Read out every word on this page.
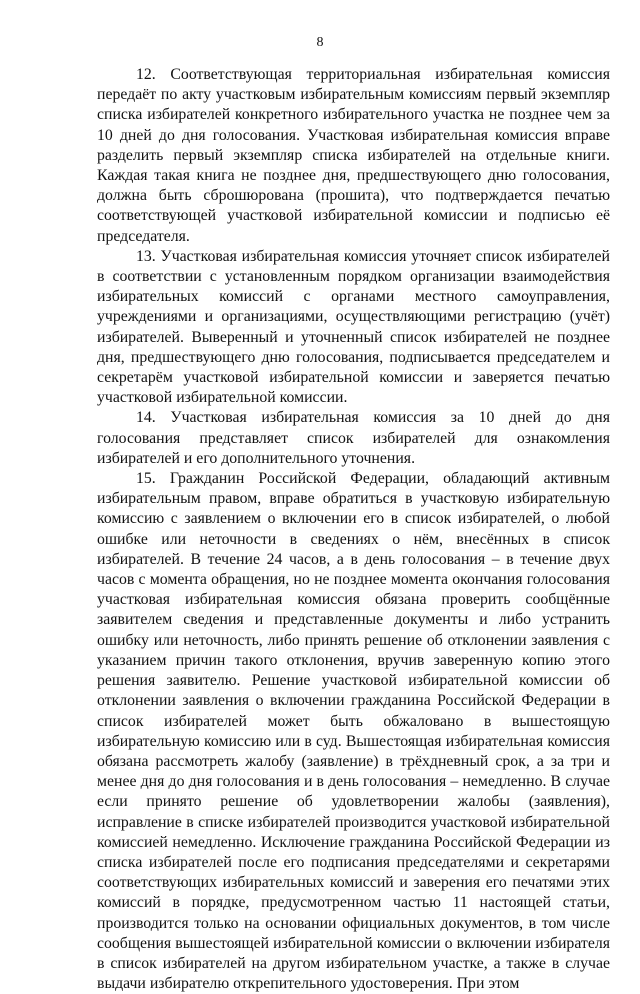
8

12. Соответствующая территориальная избирательная комиссия передаёт по акту участковым избирательным комиссиям первый экземпляр списка избирателей конкретного избирательного участка не позднее чем за 10 дней до дня голосования. Участковая избирательная комиссия вправе разделить первый экземпляр списка избирателей на отдельные книги. Каждая такая книга не позднее дня, предшествующего дню голосования, должна быть сброшюрована (прошита), что подтверждается печатью соответствующей участковой избирательной комиссии и подписью её председателя.

13. Участковая избирательная комиссия уточняет список избирателей в соответствии с установленным порядком организации взаимодействия избирательных комиссий с органами местного самоуправления, учреждениями и организациями, осуществляющими регистрацию (учёт) избирателей. Выверенный и уточненный список избирателей не позднее дня, предшествующего дню голосования, подписывается председателем и секретарём участковой избирательной комиссии и заверяется печатью участковой избирательной комиссии.

14. Участковая избирательная комиссия за 10 дней до дня голосования представляет список избирателей для ознакомления избирателей и его дополнительного уточнения.

15. Гражданин Российской Федерации, обладающий активным избирательным правом, вправе обратиться в участковую избирательную комиссию с заявлением о включении его в список избирателей, о любой ошибке или неточности в сведениях о нём, внесённых в список избирателей. В течение 24 часов, а в день голосования – в течение двух часов с момента обращения, но не позднее момента окончания голосования участковая избирательная комиссия обязана проверить сообщённые заявителем сведения и представленные документы и либо устранить ошибку или неточность, либо принять решение об отклонении заявления с указанием причин такого отклонения, вручив заверенную копию этого решения заявителю. Решение участковой избирательной комиссии об отклонении заявления о включении гражданина Российской Федерации в список избирателей может быть обжаловано в вышестоящую избирательную комиссию или в суд. Вышестоящая избирательная комиссия обязана рассмотреть жалобу (заявление) в трёхдневный срок, а за три и менее дня до дня голосования и в день голосования – немедленно. В случае если принято решение об удовлетворении жалобы (заявления), исправление в списке избирателей производится участковой избирательной комиссией немедленно. Исключение гражданина Российской Федерации из списка избирателей после его подписания председателями и секретарями соответствующих избирательных комиссий и заверения его печатями этих комиссий в порядке, предусмотренном частью 11 настоящей статьи, производится только на основании официальных документов, в том числе сообщения вышестоящей избирательной комиссии о включении избирателя в список избирателей на другом избирательном участке, а также в случае выдачи избирателю открепительного удостоверения. При этом
